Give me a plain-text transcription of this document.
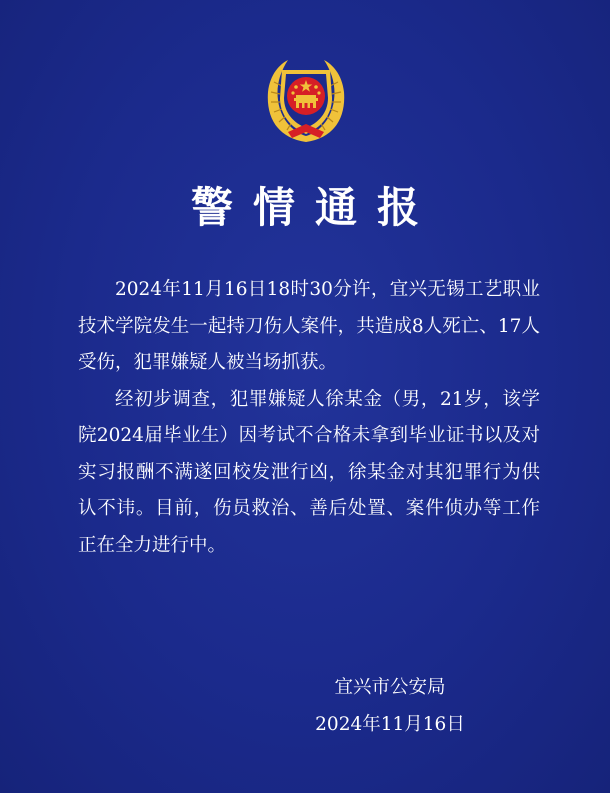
警情通报

2024年11月16日18时30分许，宜兴无锡工艺职业技术学院发生一起持刀伤人案件，共造成8人死亡、17人受伤，犯罪嫌疑人被当场抓获。

经初步调查，犯罪嫌疑人徐某金（男，21岁，该学院2024届毕业生）因考试不合格未拿到毕业证书以及对实习报酬不满遂回校发泄行凶，徐某金对其犯罪行为供认不讳。目前，伤员救治、善后处置、案件侦办等工作正在全力进行中。

宜兴市公安局
2024年11月16日
